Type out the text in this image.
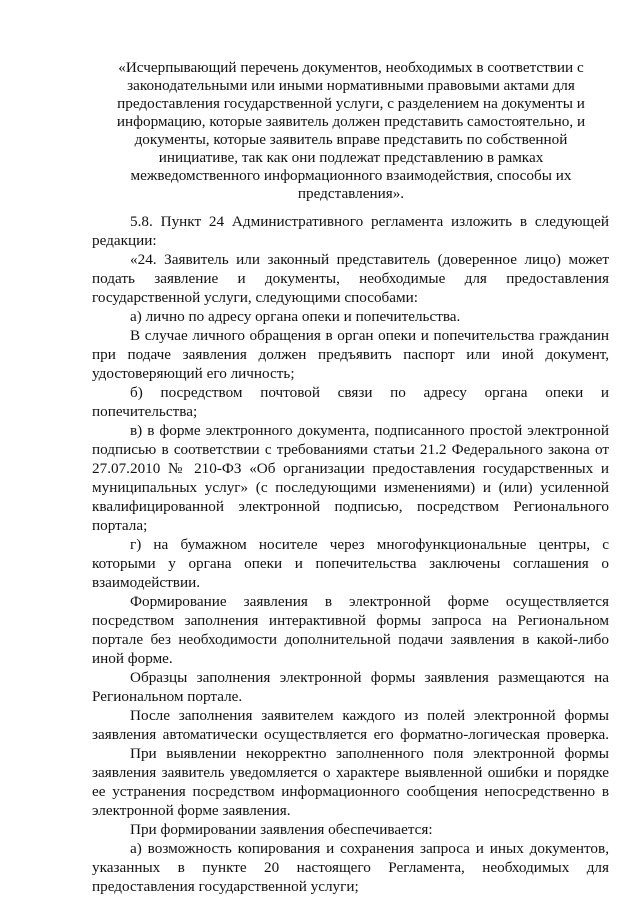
«Исчерпывающий перечень документов, необходимых в соответствии с
законодательными или иными нормативными правовыми актами для
предоставления государственной услуги, с разделением на документы и
информацию, которые заявитель должен представить самостоятельно, и
документы, которые заявитель вправе представить по собственной
инициативе, так как они подлежат представлению в рамках
межведомственного информационного взаимодействия, способы их
представления».
5.8. Пункт 24 Административного регламента изложить в следующей
редакции:
«24. Заявитель или законный представитель (доверенное лицо) может
подать заявление и документы, необходимые для предоставления
государственной услуги, следующими способами:
а) лично по адресу органа опеки и попечительства.
В случае личного обращения в орган опеки и попечительства гражданин
при подаче заявления должен предъявить паспорт или иной документ,
удостоверяющий его личность;
б) посредством почтовой связи по адресу органа опеки и
попечительства;
в) в форме электронного документа, подписанного простой электронной
подписью в соответствии с требованиями статьи 21.2 Федерального закона от
27.07.2010 № 210-ФЗ «Об организации предоставления государственных и
муниципальных услуг» (с последующими изменениями) и (или) усиленной
квалифицированной электронной подписью, посредством Регионального
портала;
г) на бумажном носителе через многофункциональные центры, с
которыми у органа опеки и попечительства заключены соглашения о
взаимодействии.
Формирование заявления в электронной форме осуществляется
посредством заполнения интерактивной формы запроса на Региональном
портале без необходимости дополнительной подачи заявления в какой-либо
иной форме.
Образцы заполнения электронной формы заявления размещаются на
Региональном портале.
После заполнения заявителем каждого из полей электронной формы
заявления автоматически осуществляется его форматно-логическая проверка.
При выявлении некорректно заполненного поля электронной формы
заявления заявитель уведомляется о характере выявленной ошибки и порядке
ее устранения посредством информационного сообщения непосредственно в
электронной форме заявления.
При формировании заявления обеспечивается:
а) возможность копирования и сохранения запроса и иных документов,
указанных в пункте 20 настоящего Регламента, необходимых для
предоставления государственной услуги;
